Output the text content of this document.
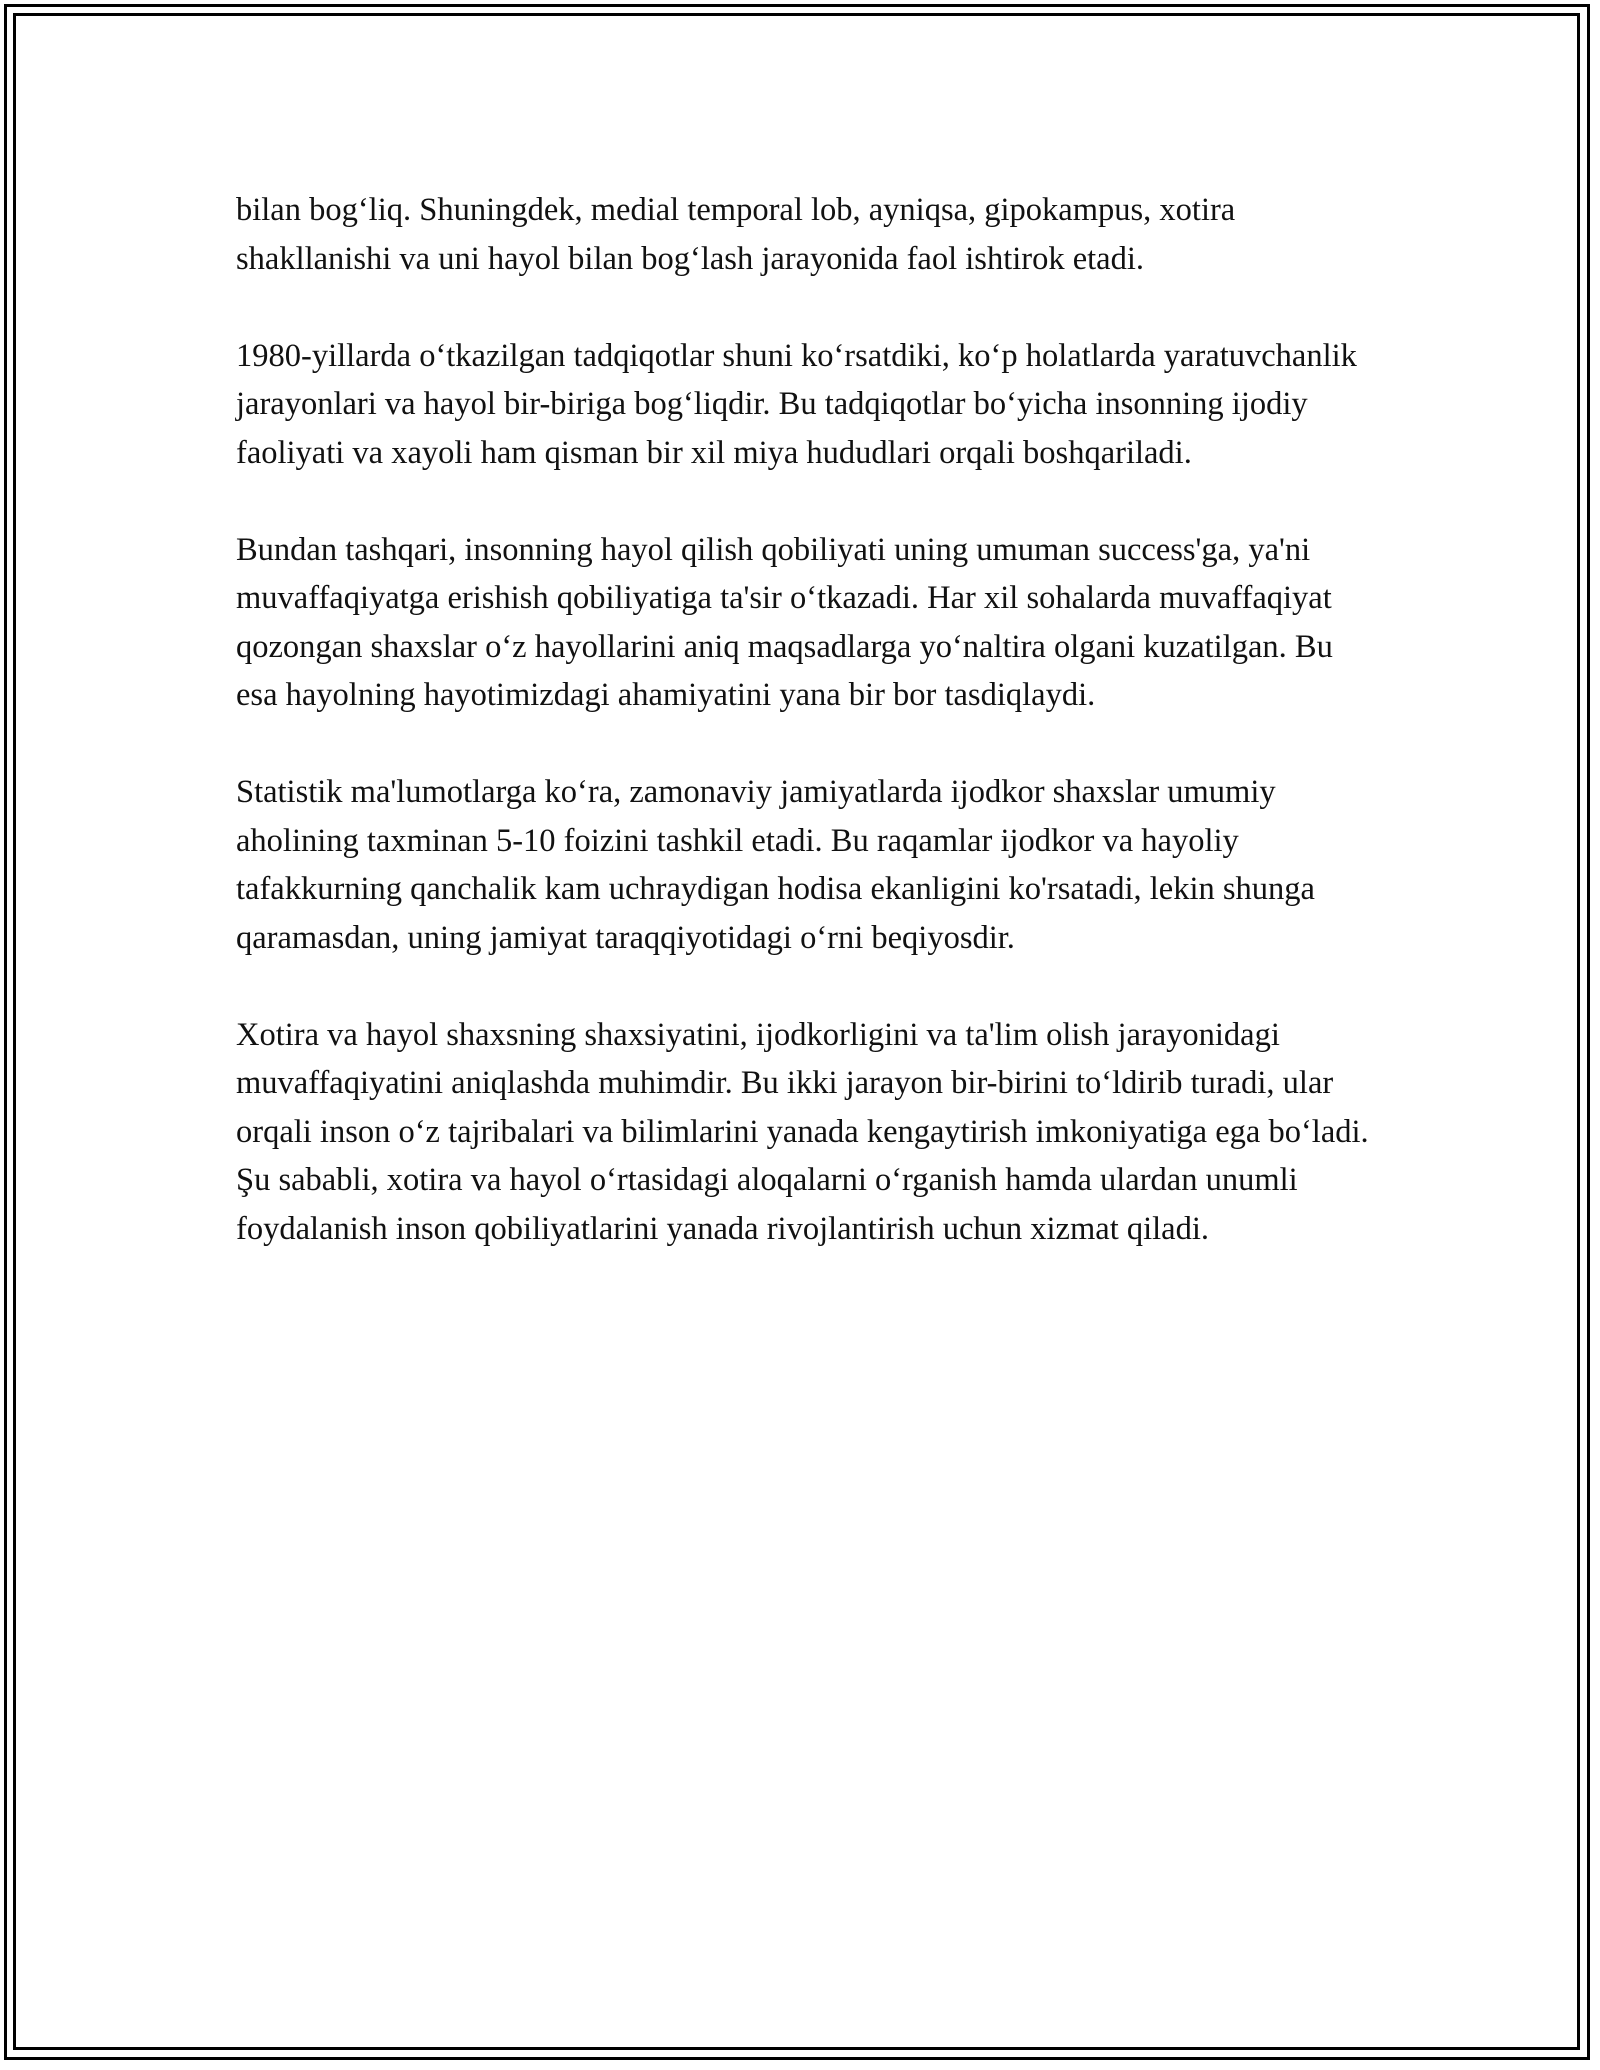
bilan bog‘liq. Shuningdek, medial temporal lob, ayniqsa, gipokampus, xotira shakllanishi va uni hayol bilan bog‘lash jarayonida faol ishtirok etadi.

1980-yillarda o‘tkazilgan tadqiqotlar shuni ko‘rsatdiki, ko‘p holatlarda yaratuvchanlik jarayonlari va hayol bir-biriga bog‘liqdir. Bu tadqiqotlar bo‘yicha insonning ijodiy faoliyati va xayoli ham qisman bir xil miya hududlari orqali boshqariladi.

Bundan tashqari, insonning hayol qilish qobiliyati uning umuman success'ga, ya'ni muvaffaqiyatga erishish qobiliyatiga ta'sir o‘tkazadi. Har xil sohalarda muvaffaqiyat qozongan shaxslar o‘z hayollarini aniq maqsadlarga yo‘naltira olgani kuzatilgan. Bu esa hayolning hayotimizdagi ahamiyatini yana bir bor tasdiqlaydi.

Statistik ma'lumotlarga ko‘ra, zamonaviy jamiyatlarda ijodkor shaxslar umumiy aholining taxminan 5-10 foizini tashkil etadi. Bu raqamlar ijodkor va hayoliy tafakkurning qanchalik kam uchraydigan hodisa ekanligini ko'rsatadi, lekin shunga qaramasdan, uning jamiyat taraqqiyotidagi o‘rni beqiyosdir.

Xotira va hayol shaxsning shaxsiyatini, ijodkorligini va ta'lim olish jarayonidagi muvaffaqiyatini aniqlashda muhimdir. Bu ikki jarayon bir-birini to‘ldirib turadi, ular orqali inson o‘z tajribalari va bilimlarini yanada kengaytirish imkoniyatiga ega bo‘ladi. Şu sababli, xotira va hayol o‘rtasidagi aloqalarni o‘rganish hamda ulardan unumli foydalanish inson qobiliyatlarini yanada rivojlantirish uchun xizmat qiladi.
